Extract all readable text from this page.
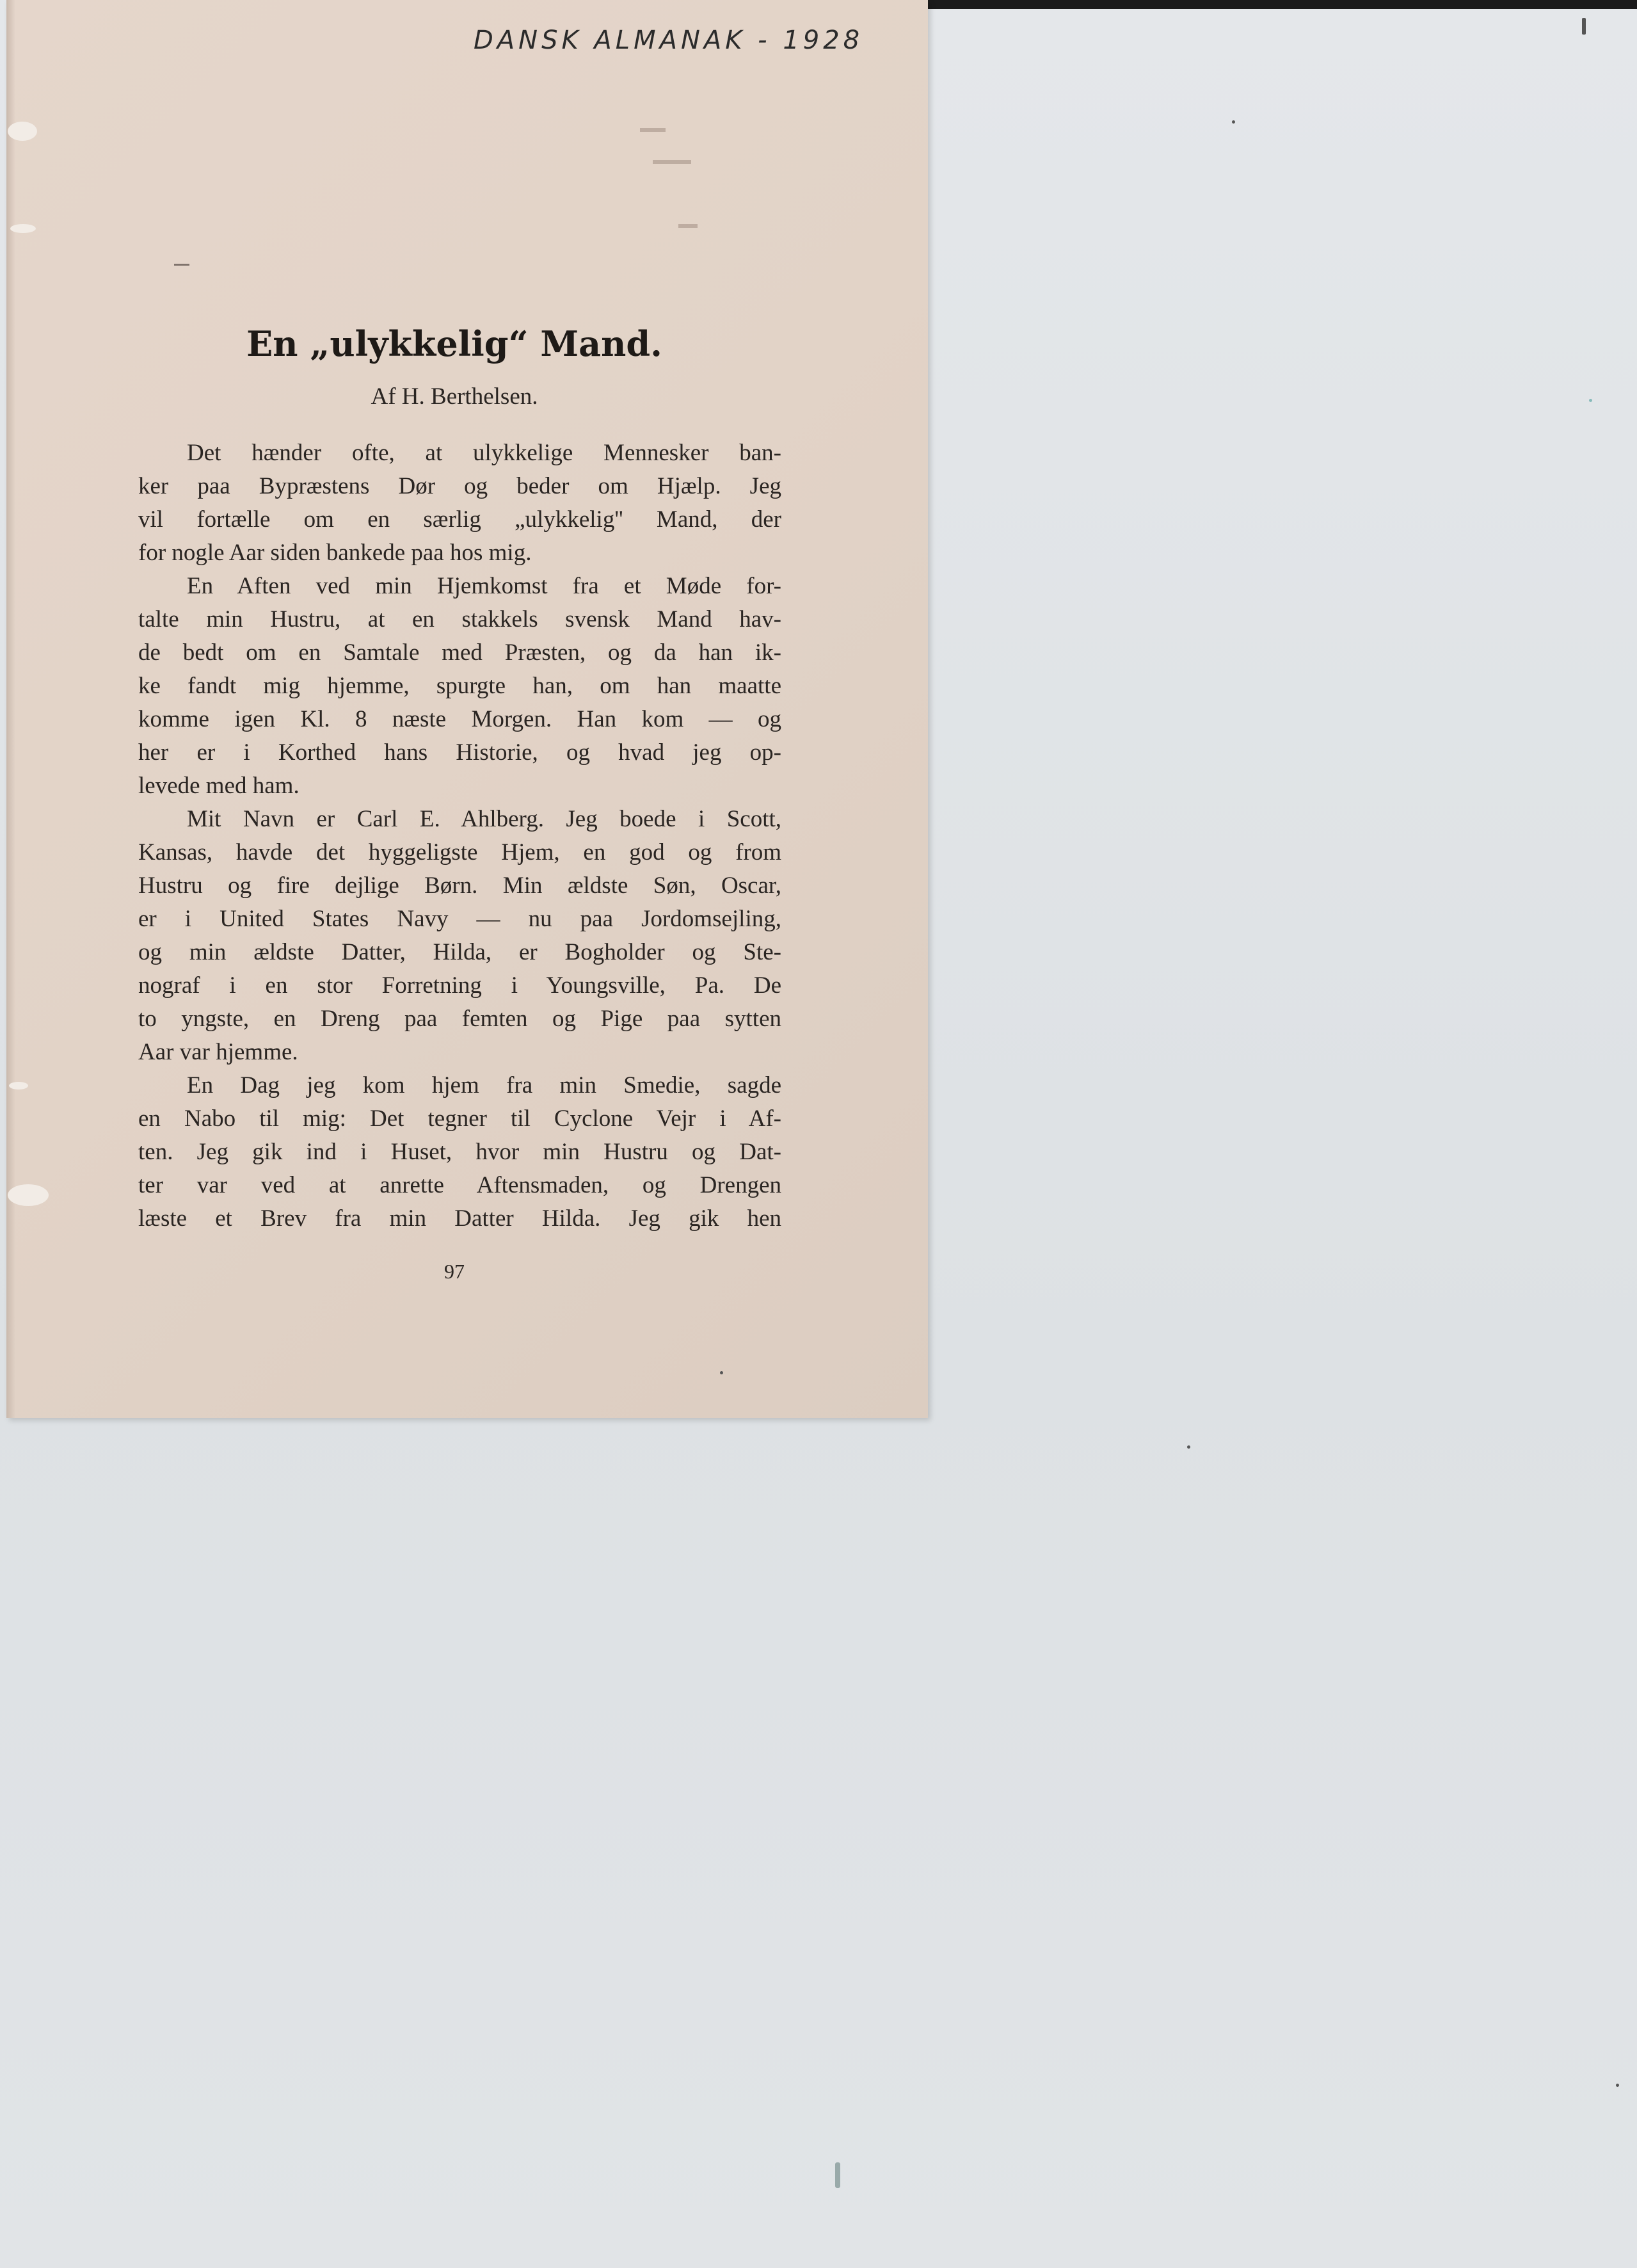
DANSK ALMANAK - 1928
En „ulykkelig“ Mand.
Af H. Berthelsen.
Det hænder ofte, at ulykkelige Mennesker ban-
ker paa Bypræstens Dør og beder om Hjælp. Jeg
vil fortælle om en særlig „ulykkelig'' Mand, der
for nogle Aar siden bankede paa hos mig.
En Aften ved min Hjemkomst fra et Møde for-
talte min Hustru, at en stakkels svensk Mand hav-
de bedt om en Samtale med Præsten, og da han ik-
ke fandt mig hjemme, spurgte han, om han maatte
komme igen Kl. 8 næste Morgen. Han kom — og
her er i Korthed hans Historie, og hvad jeg op-
levede med ham.
Mit Navn er Carl E. Ahlberg. Jeg boede i Scott,
Kansas, havde det hyggeligste Hjem, en god og from
Hustru og fire dejlige Børn. Min ældste Søn, Oscar,
er i United States Navy — nu paa Jordomsejling,
og min ældste Datter, Hilda, er Bogholder og Ste-
nograf i en stor Forretning i Youngsville, Pa. De
to yngste, en Dreng paa femten og Pige paa sytten
Aar var hjemme.
En Dag jeg kom hjem fra min Smedie, sagde
en Nabo til mig: Det tegner til Cyclone Vejr i Af-
ten. Jeg gik ind i Huset, hvor min Hustru og Dat-
ter var ved at anrette Aftensmaden, og Drengen
læste et Brev fra min Datter Hilda. Jeg gik hen
97
